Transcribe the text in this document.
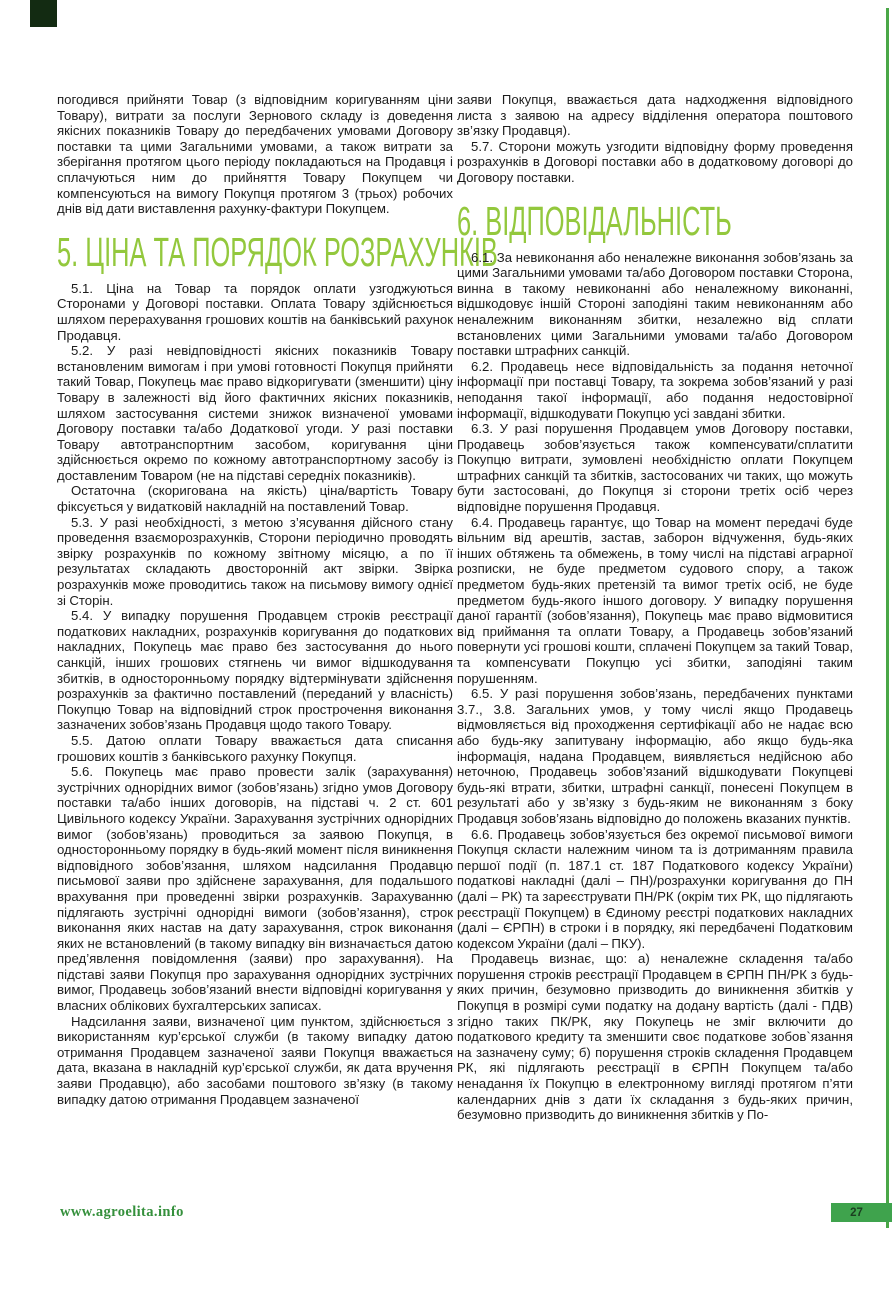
погодився прийняти Товар (з відповідним коригуванням ціни Товару), витрати за послуги Зернового складу із доведення якісних показників Товару до передбачених умовами Договору поставки та цими Загальними умовами, а також витрати за зберігання протягом цього періоду покладаються на Продавця і сплачуються ним до прийняття Товару Покупцем чи компенсуються на вимогу Покупця протягом 3 (трьох) робочих днів від дати виставлення рахунку-фактури Покупцем.

5. ЦІНА ТА ПОРЯДОК РОЗРАХУНКІВ

5.1. Ціна на Товар та порядок оплати узгоджуються Сторонами у Договорі поставки. Оплата Товару здійснюється шляхом перерахування грошових коштів на банківський рахунок Продавця.

5.2. У разі невідповідності якісних показників Товару встановленим вимогам і при умові готовності Покупця прийняти такий Товар, Покупець має право відкоригувати (зменшити) ціну Товару в залежності від його фактичних якісних показників, шляхом застосування системи знижок визначеної умовами Договору поставки та/або Додаткової угоди. У разі поставки Товару автотранспортним засобом, коригування ціни здійснюється окремо по кожному автотранспортному засобу із доставленим Товаром (не на підставі середніх показників).

Остаточна (скоригована на якість) ціна/вартість Товару фіксується у видатковій накладній на поставлений Товар.

5.3. У разі необхідності, з метою з’ясування дійсного стану проведення взаєморозрахунків, Сторони періодично проводять звірку розрахунків по кожному звітному місяцю, а по її результатах складають двосторонній акт звірки. Звірка розрахунків може проводитись також на письмову вимогу однієї зі Сторін.

5.4. У випадку порушення Продавцем строків реєстрації податкових накладних, розрахунків коригування до податкових накладних, Покупець має право без застосування до нього санкцій, інших грошових стягнень чи вимог відшкодування збитків, в односторонньому порядку відтермінувати здійснення розрахунків за фактично поставлений (переданий у власність) Покупцю Товар на відповідний строк прострочення виконання зазначених зобов’язань Продавця щодо такого Товару.

5.5. Датою оплати Товару вважається дата списання грошових коштів з банківського рахунку Покупця.

5.6. Покупець має право провести залік (зарахування) зустрічних однорідних вимог (зобов’язань) згідно умов Договору поставки та/або інших договорів, на підставі ч. 2 ст. 601 Цивільного кодексу України. Зарахування зустрічних однорідних вимог (зобов’язань) проводиться за заявою Покупця, в односторонньому порядку в будь-який момент після виникнення відповідного зобов’язання, шляхом надсилання Продавцю письмової заяви про здійснене зарахування, для подальшого врахування при проведенні звірки розрахунків. Зарахуванню підлягають зустрічні однорідні вимоги (зобов’язання), строк виконання яких настав на дату зарахування, строк виконання яких не встановлений (в такому випадку він визначається датою пред’явлення повідомлення (заяви) про зарахування). На підставі заяви Покупця про зарахування однорідних зустрічних вимог, Продавець зобов’язаний внести відповідні коригування у власних облікових бухгалтерських записах.

Надсилання заяви, визначеної цим пунктом, здійснюється з використанням кур’єрської служби (в такому випадку датою отримання Продавцем зазначеної заяви Покупця вважається дата, вказана в накладній кур’єрської служби, як дата вручення заяви Продавцю), або засобами поштового зв’язку (в такому випадку датою отримання Продавцем зазначеної

заяви Покупця, вважається дата надходження відповідного листа з заявою на адресу відділення оператора поштового зв’язку Продавця).

5.7. Сторони можуть узгодити відповідну форму проведення розрахунків в Договорі поставки або в додатковому договорі до Договору поставки.

6. ВІДПОВІДАЛЬНІСТЬ

6.1. За невиконання або неналежне виконання зобов’язань за цими Загальними умовами та/або Договором поставки Сторона, винна в такому невиконанні або неналежному виконанні, відшкодовує іншій Стороні заподіяні таким невиконанням або неналежним виконанням збитки, незалежно від сплати встановлених цими Загальними умовами та/або Договором поставки штрафних санкцій.

6.2. Продавець несе відповідальність за подання неточної інформації при поставці Товару, та зокрема зобов’язаний у разі неподання такої інформації, або подання недостовірної інформації, відшкодувати Покупцю усі завдані збитки.

6.3. У разі порушення Продавцем умов Договору поставки, Продавець зобов’язується також компенсувати/сплатити Покупцю витрати, зумовлені необхідністю оплати Покупцем штрафних санкцій та збитків, застосованих чи таких, що можуть бути застосовані, до Покупця зі сторони третіх осіб через відповідне порушення Продавця.

6.4. Продавець гарантує, що Товар на момент передачі буде вільним від арештів, застав, заборон відчуження, будь-яких інших обтяжень та обмежень, в тому числі на підставі аграрної розписки, не буде предметом судового спору, а також предметом будь-яких претензій та вимог третіх осіб, не буде предметом будь-якого іншого договору. У випадку порушення даної гарантії (зобов’язання), Покупець має право відмовитися від приймання та оплати Товару, а Продавець зобов’язаний повернути усі грошові кошти, сплачені Покупцем за такий Товар, та компенсувати Покупцю усі збитки, заподіяні таким порушенням.

6.5. У разі порушення зобов’язань, передбачених пунктами 3.7., 3.8. Загальних умов, у тому числі якщо Продавець відмовляється від проходження сертифікації або не надає всю або будь-яку запитувану інформацію, або якщо будь-яка інформація, надана Продавцем, виявляється недійсною або неточною, Продавець зобов’язаний відшкодувати Покупцеві будь-які втрати, збитки, штрафні санкції, понесені Покупцем в результаті або у зв’язку з будь-яким не виконанням з боку Продавця зобов’язань відповідно до положень вказаних пунктів.

6.6. Продавець зобов’язується без окремої письмової вимоги Покупця скласти належним чином та із дотриманням правила першої події (п. 187.1 ст. 187 Податкового кодексу України) податкові накладні (далі – ПН)/розрахунки коригування до ПН (далі – РК) та зареєструвати ПН/РК (окрім тих РК, що підлягають реєстрації Покупцем) в Єдиному реєстрі податкових накладних (далі – ЄРПН) в строки і в порядку, які передбачені Податковим кодексом України (далі – ПКУ).

Продавець визнає, що: а) неналежне складення та/або порушення строків реєстрації Продавцем в ЄРПН ПН/РК з будь-яких причин, безумовно призводить до виникнення збитків у Покупця в розмірі суми податку на додану вартість (далі - ПДВ) згідно таких ПК/РК, яку Покупець не зміг включити до податкового кредиту та зменшити своє податкове зобов`язання на зазначену суму; б) порушення строків складення Продавцем РК, які підлягають реєстрації в ЄРПН Покупцем та/або ненадання їх Покупцю в електронному вигляді протягом п’яти календарних днів з дати їх складання з будь-яких причин, безумовно призводить до виникнення збитків у По-

www.agroelita.info	27
